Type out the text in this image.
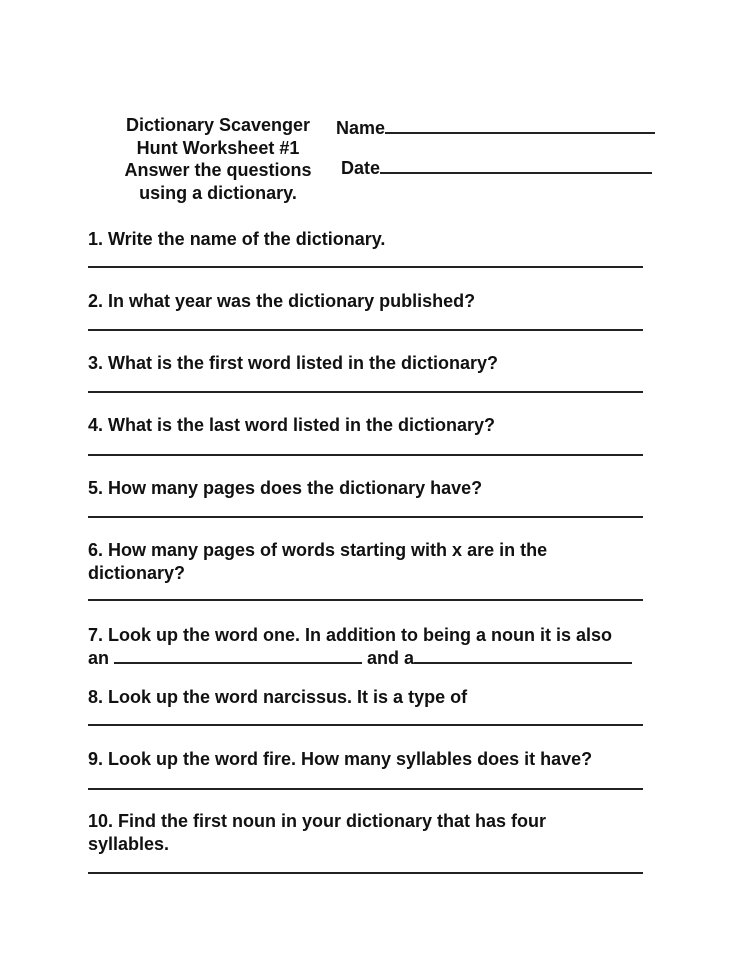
Dictionary Scavenger
Hunt Worksheet #1
Answer the questions
using a dictionary.
Name
Date
1. Write the name of the dictionary.
2. In what year was the dictionary published?
3. What is the first word listed in the dictionary?
4. What is the last word listed in the dictionary?
5. How many pages does the dictionary have?
6. How many pages of words starting with x are in the
dictionary?
7. Look up the word one. In addition to being a noun it is also
an	and a
8. Look up the word narcissus. It is a type of
9. Look up the word fire. How many syllables does it have?
10. Find the first noun in your dictionary that has four
syllables.
